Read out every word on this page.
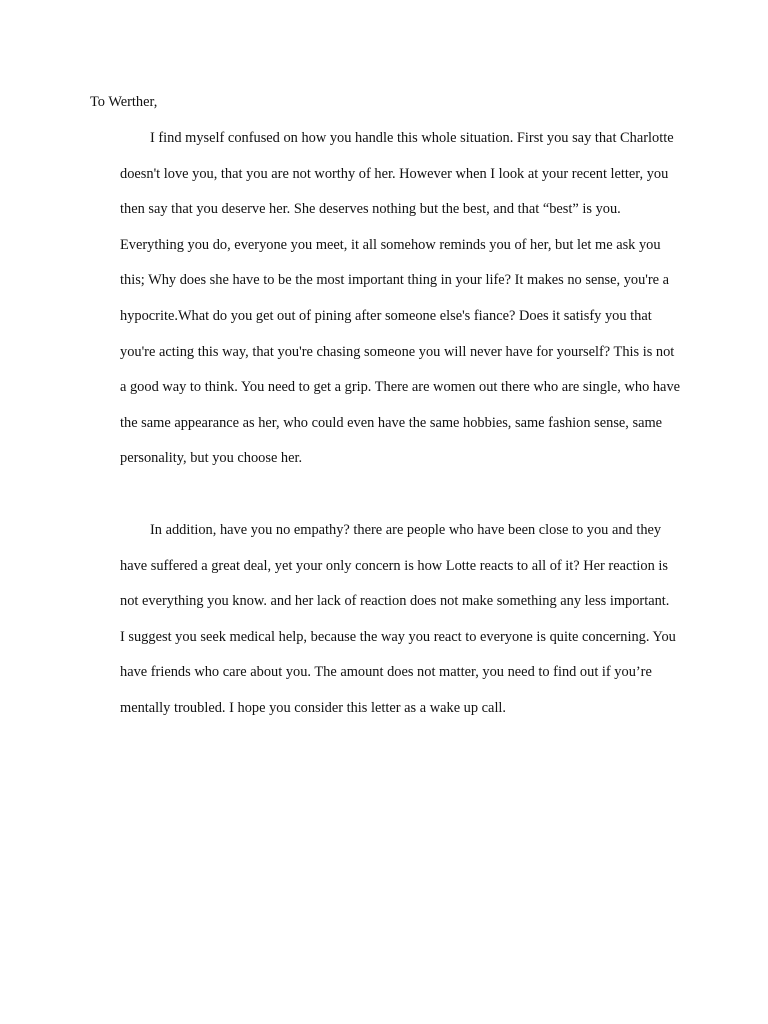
To Werther,
I find myself confused on how you handle this whole situation. First you say that Charlotte
doesn't love you, that you are not worthy of her. However when I look at your recent letter, you
then say that you deserve her. She deserves nothing but the best, and that “best” is you.
Everything you do, everyone you meet, it all somehow reminds you of her, but let me ask you
this; Why does she have to be the most important thing in your life? It makes no sense, you're a
hypocrite.What do you get out of pining after someone else's fiance? Does it satisfy you that
you're acting this way, that you're chasing someone you will never have for yourself? This is not
a good way to think. You need to get a grip. There are women out there who are single, who have
the same appearance as her, who could even have the same hobbies, same fashion sense, same
personality, but you choose her.
In addition, have you no empathy? there are people who have been close to you and they
have suffered a great deal, yet your only concern is how Lotte reacts to all of it? Her reaction is
not everything you know. and her lack of reaction does not make something any less important.
I suggest you seek medical help, because the way you react to everyone is quite concerning. You
have friends who care about you. The amount does not matter, you need to find out if you’re
mentally troubled. I hope you consider this letter as a wake up call.
